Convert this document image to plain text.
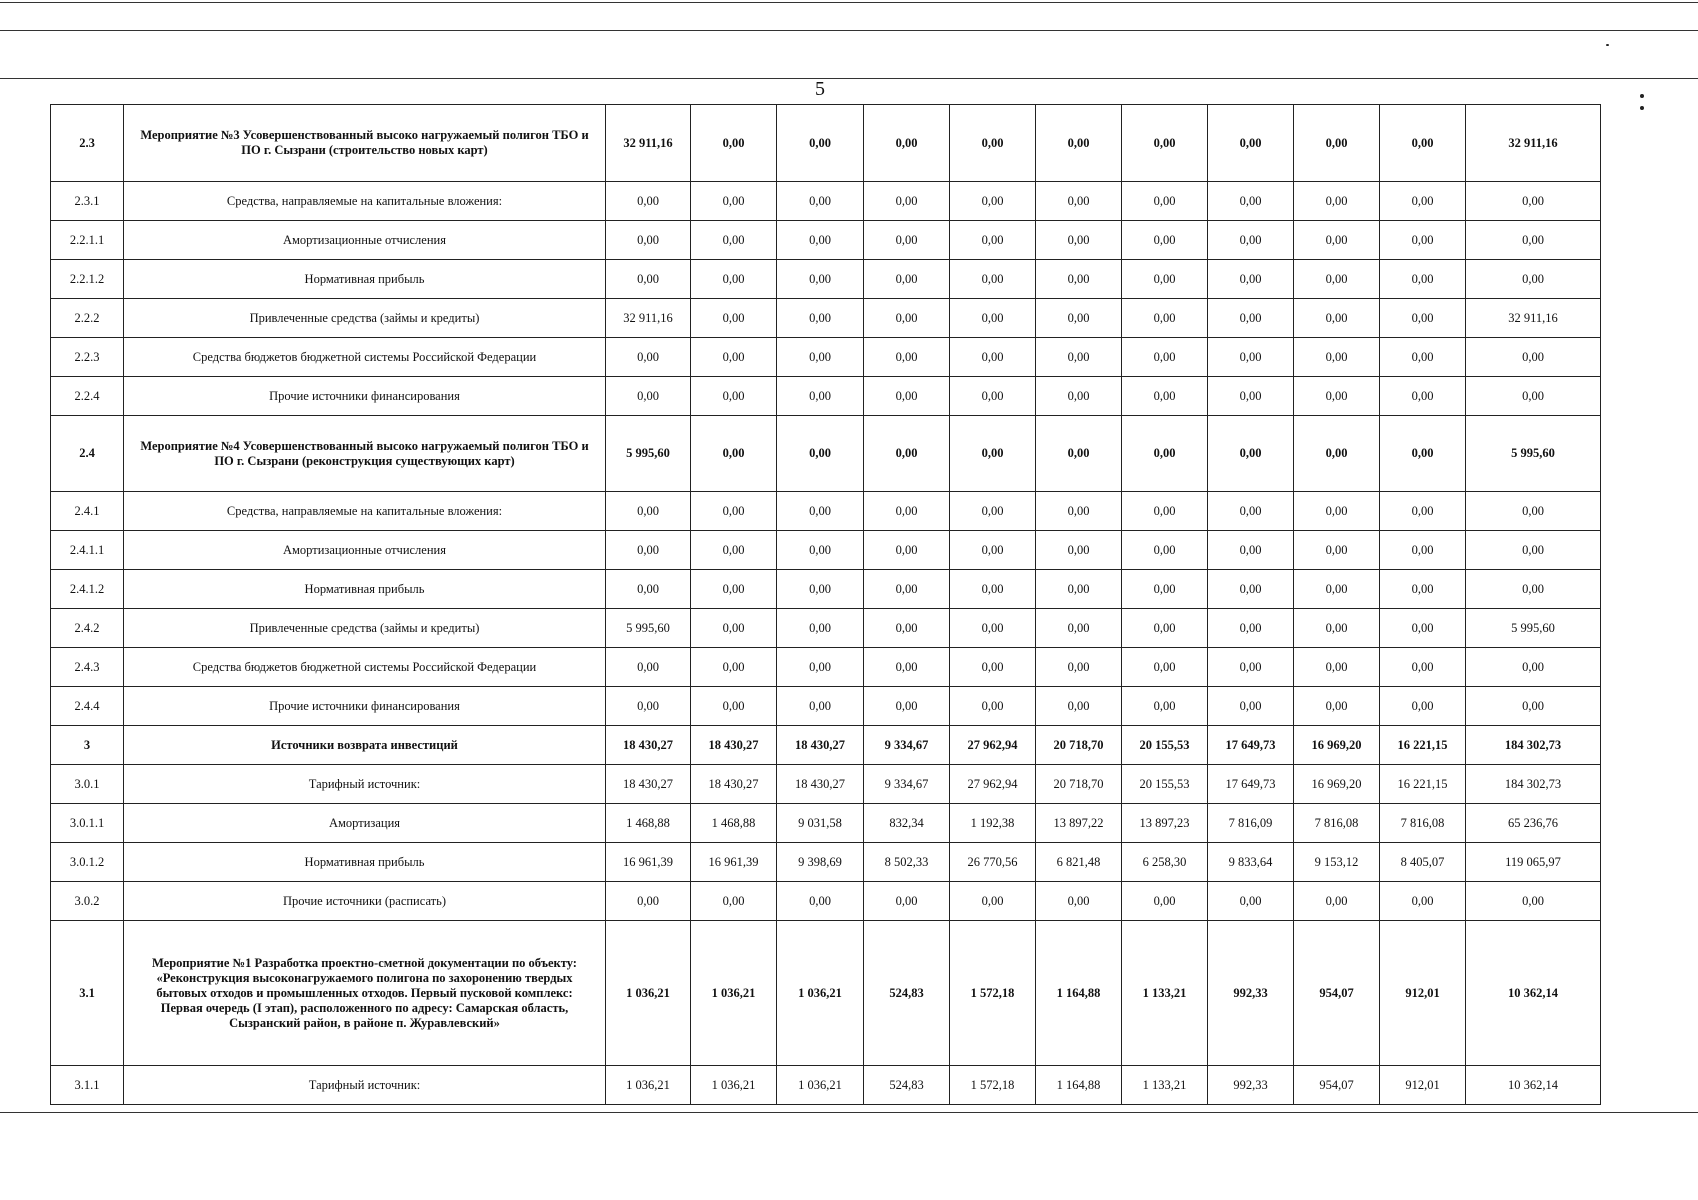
5
2.3	Мероприятие №3 Усовершенствованный высоко нагружаемый полигон ТБО и ПО г. Сызрани (строительство новых карт)	32 911,16	0,00	0,00	0,00	0,00	0,00	0,00	0,00	0,00	0,00	32 911,16
2.3.1	Средства, направляемые на капитальные вложения:	0,00	0,00	0,00	0,00	0,00	0,00	0,00	0,00	0,00	0,00	0,00
2.2.1.1	Амортизационные отчисления	0,00	0,00	0,00	0,00	0,00	0,00	0,00	0,00	0,00	0,00	0,00
2.2.1.2	Нормативная прибыль	0,00	0,00	0,00	0,00	0,00	0,00	0,00	0,00	0,00	0,00	0,00
2.2.2	Привлеченные средства (займы и кредиты)	32 911,16	0,00	0,00	0,00	0,00	0,00	0,00	0,00	0,00	0,00	32 911,16
2.2.3	Средства бюджетов бюджетной системы Российской Федерации	0,00	0,00	0,00	0,00	0,00	0,00	0,00	0,00	0,00	0,00	0,00
2.2.4	Прочие источники финансирования	0,00	0,00	0,00	0,00	0,00	0,00	0,00	0,00	0,00	0,00	0,00
2.4	Мероприятие №4 Усовершенствованный высоко нагружаемый полигон ТБО и ПО г. Сызрани (реконструкция существующих карт)	5 995,60	0,00	0,00	0,00	0,00	0,00	0,00	0,00	0,00	0,00	5 995,60
2.4.1	Средства, направляемые на капитальные вложения:	0,00	0,00	0,00	0,00	0,00	0,00	0,00	0,00	0,00	0,00	0,00
2.4.1.1	Амортизационные отчисления	0,00	0,00	0,00	0,00	0,00	0,00	0,00	0,00	0,00	0,00	0,00
2.4.1.2	Нормативная прибыль	0,00	0,00	0,00	0,00	0,00	0,00	0,00	0,00	0,00	0,00	0,00
2.4.2	Привлеченные средства (займы и кредиты)	5 995,60	0,00	0,00	0,00	0,00	0,00	0,00	0,00	0,00	0,00	5 995,60
2.4.3	Средства бюджетов бюджетной системы Российской Федерации	0,00	0,00	0,00	0,00	0,00	0,00	0,00	0,00	0,00	0,00	0,00
2.4.4	Прочие источники финансирования	0,00	0,00	0,00	0,00	0,00	0,00	0,00	0,00	0,00	0,00	0,00
3	Источники возврата инвестиций	18 430,27	18 430,27	18 430,27	9 334,67	27 962,94	20 718,70	20 155,53	17 649,73	16 969,20	16 221,15	184 302,73
3.0.1	Тарифный источник:	18 430,27	18 430,27	18 430,27	9 334,67	27 962,94	20 718,70	20 155,53	17 649,73	16 969,20	16 221,15	184 302,73
3.0.1.1	Амортизация	1 468,88	1 468,88	9 031,58	832,34	1 192,38	13 897,22	13 897,23	7 816,09	7 816,08	7 816,08	65 236,76
3.0.1.2	Нормативная прибыль	16 961,39	16 961,39	9 398,69	8 502,33	26 770,56	6 821,48	6 258,30	9 833,64	9 153,12	8 405,07	119 065,97
3.0.2	Прочие источники (расписать)	0,00	0,00	0,00	0,00	0,00	0,00	0,00	0,00	0,00	0,00	0,00
3.1	Мероприятие №1 Разработка проектно-сметной документации по объекту: «Реконструкция высоконагружаемого полигона по захоронению твердых бытовых отходов и промышленных отходов. Первый пусковой комплекс: Первая очередь (I этап), расположенного по адресу: Самарская область, Сызранский район, в районе п. Журавлевский»	1 036,21	1 036,21	1 036,21	524,83	1 572,18	1 164,88	1 133,21	992,33	954,07	912,01	10 362,14
3.1.1	Тарифный источник:	1 036,21	1 036,21	1 036,21	524,83	1 572,18	1 164,88	1 133,21	992,33	954,07	912,01	10 362,14
